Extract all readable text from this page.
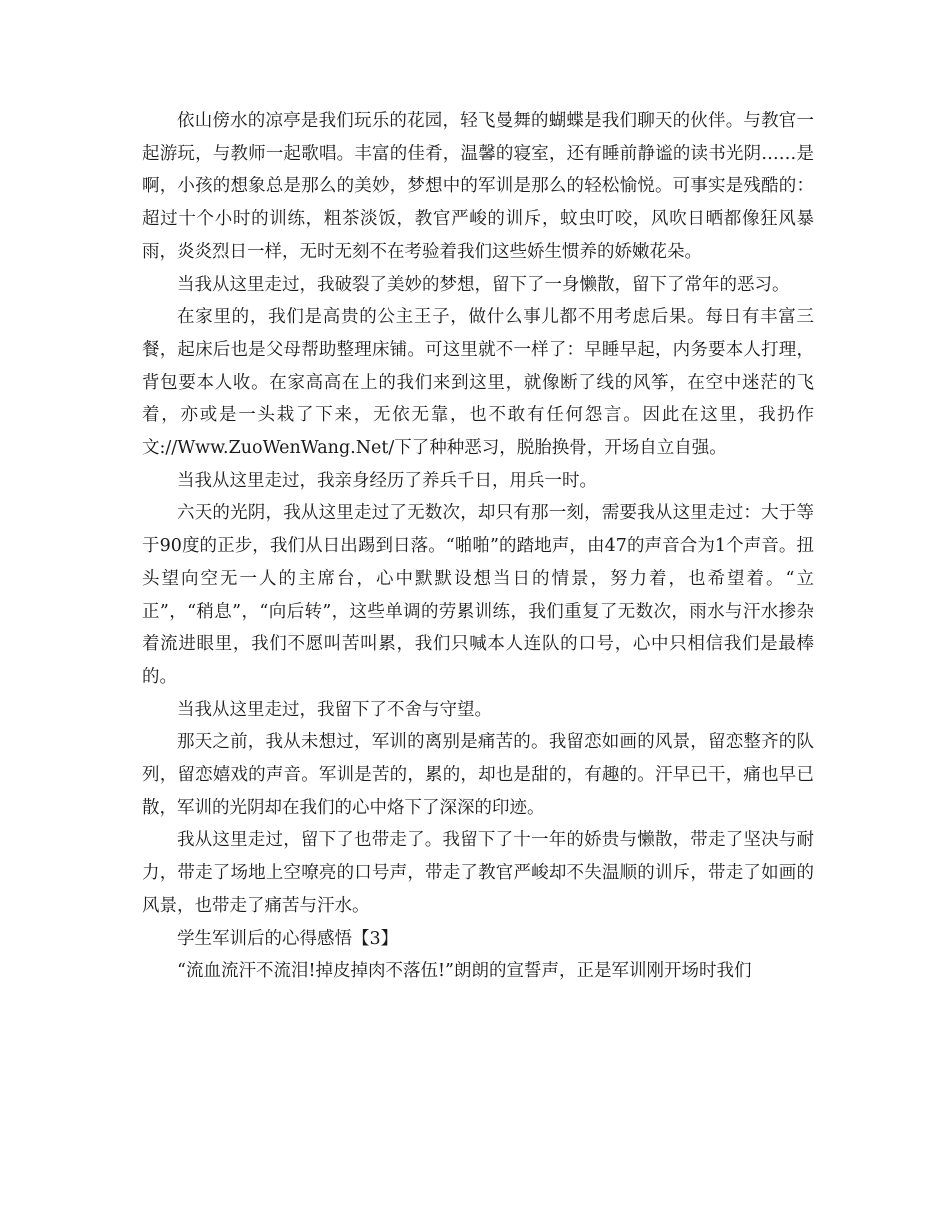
依山傍水的凉亭是我们玩乐的花园，轻飞曼舞的蝴蝶是我们聊天的伙伴。与教官一起游玩，与教师一起歌唱。丰富的佳肴，温馨的寝室，还有睡前静谧的读书光阴……是啊，小孩的想象总是那么的美妙，梦想中的军训是那么的轻松愉悦。可事实是残酷的：超过十个小时的训练，粗茶淡饭，教官严峻的训斥，蚊虫叮咬，风吹日晒都像狂风暴雨，炎炎烈日一样，无时无刻不在考验着我们这些娇生惯养的娇嫩花朵。

当我从这里走过，我破裂了美妙的梦想，留下了一身懒散，留下了常年的恶习。

在家里的，我们是高贵的公主王子，做什么事儿都不用考虑后果。每日有丰富三餐，起床后也是父母帮助整理床铺。可这里就不一样了：早睡早起，内务要本人打理，背包要本人收。在家高高在上的我们来到这里，就像断了线的风筝，在空中迷茫的飞着，亦或是一头栽了下来，无依无靠，也不敢有任何怨言。因此在这里，我扔作文://Www.ZuoWenWang.Net/下了种种恶习，脱胎换骨，开场自立自强。

当我从这里走过，我亲身经历了养兵千日，用兵一时。

六天的光阴，我从这里走过了无数次，却只有那一刻，需要我从这里走过：大于等于90度的正步，我们从日出踢到日落。“啪啪”的踏地声，由47的声音合为1个声音。扭头望向空无一人的主席台，心中默默设想当日的情景，努力着，也希望着。“立正”，“稍息”，“向后转”，这些单调的劳累训练，我们重复了无数次，雨水与汗水掺杂着流进眼里，我们不愿叫苦叫累，我们只喊本人连队的口号，心中只相信我们是最棒的。

当我从这里走过，我留下了不舍与守望。

那天之前，我从未想过，军训的离别是痛苦的。我留恋如画的风景，留恋整齐的队列，留恋嬉戏的声音。军训是苦的，累的，却也是甜的，有趣的。汗早已干，痛也早已散，军训的光阴却在我们的心中烙下了深深的印迹。

我从这里走过，留下了也带走了。我留下了十一年的娇贵与懒散，带走了坚决与耐力，带走了场地上空嘹亮的口号声，带走了教官严峻却不失温顺的训斥，带走了如画的风景，也带走了痛苦与汗水。

学生军训后的心得感悟【3】

“流血流汗不流泪!掉皮掉肉不落伍!”朗朗的宣誓声，正是军训刚开场时我们
